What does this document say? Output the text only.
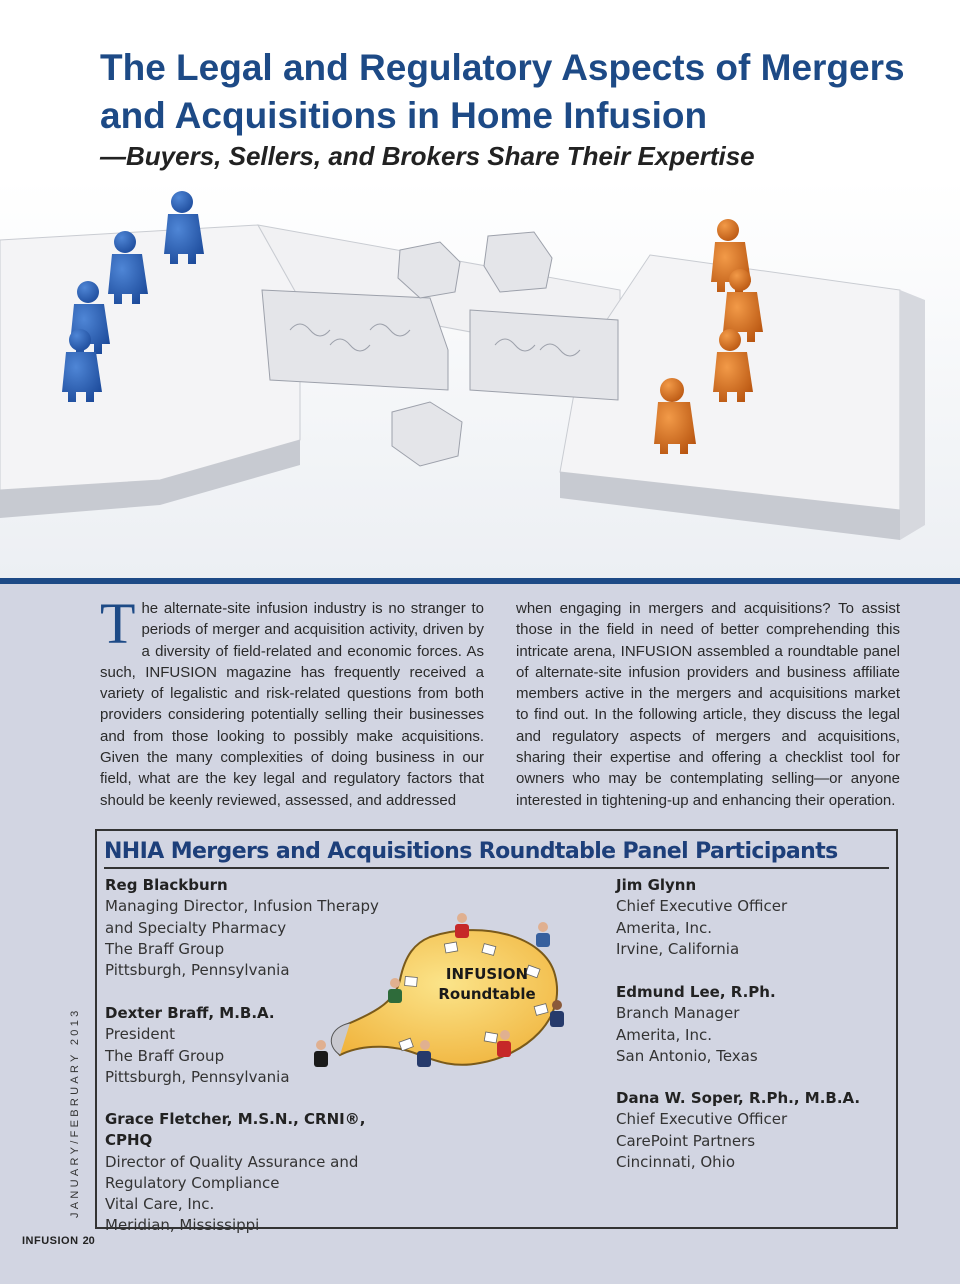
The Legal and Regulatory Aspects of Mergers and Acquisitions in Home Infusion
—Buyers, Sellers, and Brokers Share Their Expertise
The alternate-site infusion industry is no stranger to periods of merger and acquisition activity, driven by a diversity of field-related and economic forces. As such, INFUSION magazine has frequently received a variety of legalistic and risk-related questions from both providers considering potentially selling their businesses and from those looking to possibly make acquisitions. Given the many complexities of doing business in our field, what are the key legal and regulatory factors that should be keenly reviewed, assessed, and addressed
when engaging in mergers and acquisitions? To assist those in the field in need of better comprehending this intricate arena, INFUSION assembled a roundtable panel of alternate-site infusion providers and business affiliate members active in the mergers and acquisitions market to find out. In the following article, they discuss the legal and regulatory aspects of mergers and acquisitions, sharing their expertise and offering a checklist tool for owners who may be contemplating selling—or anyone interested in tightening-up and enhancing their operation.
NHIA Mergers and Acquisitions Roundtable Panel Participants
Reg Blackburn
Managing Director, Infusion Therapy
and Specialty Pharmacy
The Braff Group
Pittsburgh, Pennsylvania
Dexter Braff, M.B.A.
President
The Braff Group
Pittsburgh, Pennsylvania
Grace Fletcher, M.S.N., CRNI®, CPHQ
Director of Quality Assurance and
Regulatory Compliance
Vital Care, Inc.
Meridian, Mississippi
Jim Glynn
Chief Executive Officer
Amerita, Inc.
Irvine, California
Edmund Lee, R.Ph.
Branch Manager
Amerita, Inc.
San Antonio, Texas
Dana W. Soper, R.Ph., M.B.A.
Chief Executive Officer
CarePoint Partners
Cincinnati, Ohio
INFUSION
Roundtable
JANUARY/FEBRUARY 2013
INFUSION 20
